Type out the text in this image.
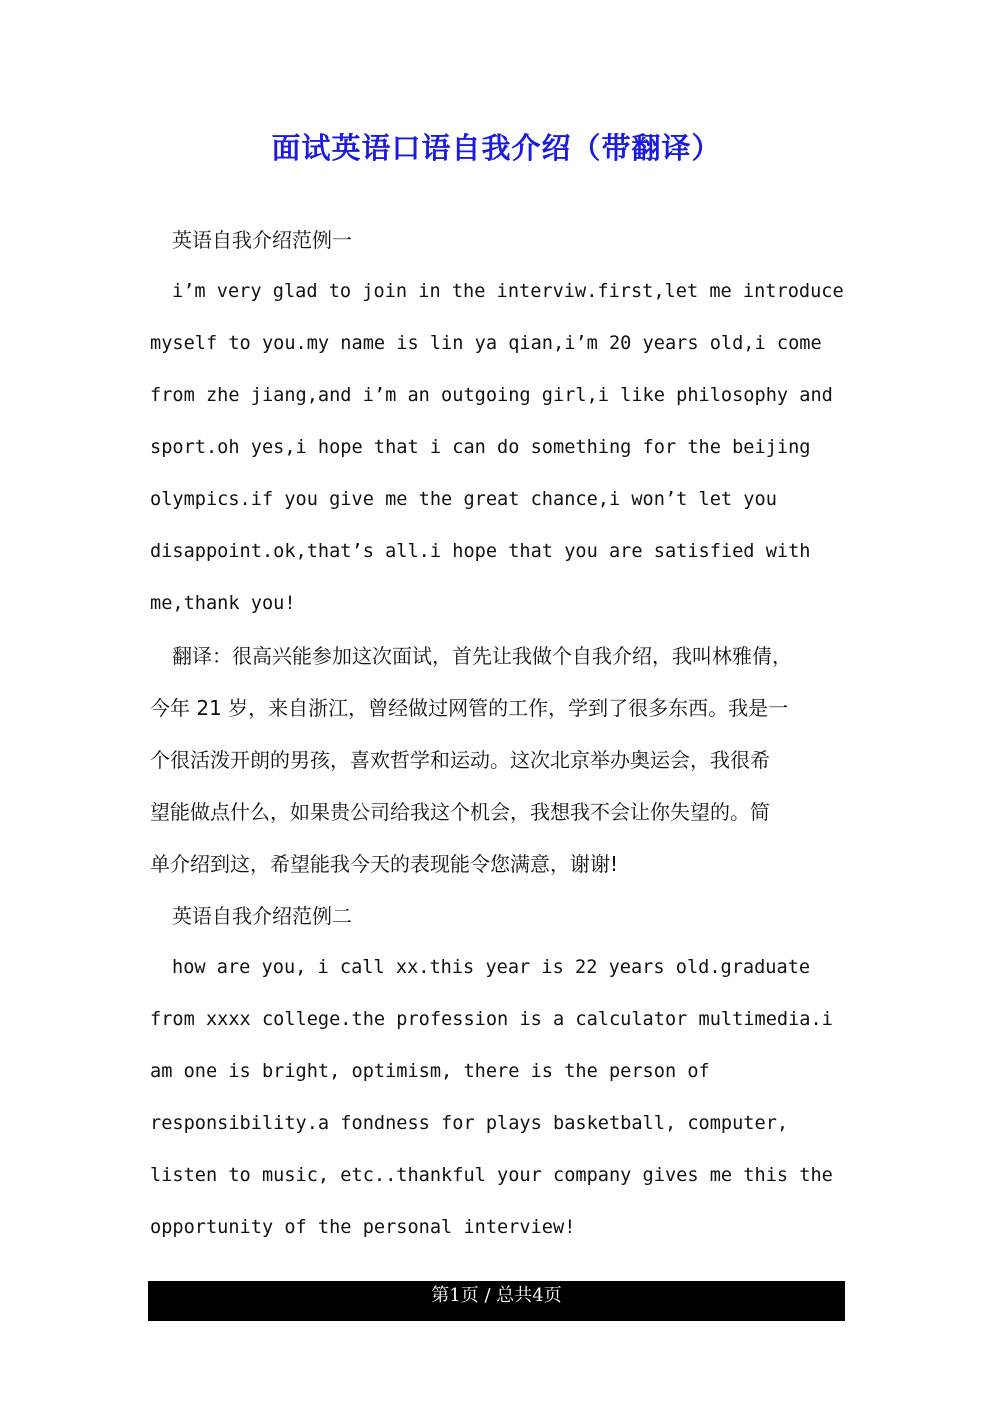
面试英语口语自我介绍（带翻译）
英语自我介绍范例一
i’m very glad to join in the interviw.first,let me introduce
myself to you.my name is lin ya qian,i’m 20 years old,i come
from zhe jiang,and i’m an outgoing girl,i like philosophy and
sport.oh yes,i hope that i can do something for the beijing
olympics.if you give me the great chance,i won’t let you
disappoint.ok,that’s all.i hope that you are satisfied with
me,thank you!
翻译：很高兴能参加这次面试，首先让我做个自我介绍，我叫林雅倩，
今年 21 岁，来自浙江，曾经做过网管的工作，学到了很多东西。我是一
个很活泼开朗的男孩，喜欢哲学和运动。这次北京举办奥运会，我很希
望能做点什么，如果贵公司给我这个机会，我想我不会让你失望的。简
单介绍到这，希望能我今天的表现能令您满意，谢谢!
英语自我介绍范例二
how are you, i call xx.this year is 22 years old.graduate
from xxxx college.the profession is a calculator multimedia.i
am one is bright, optimism, there is the person of
responsibility.a fondness for plays basketball, computer,
listen to music, etc..thankful your company gives me this the
opportunity of the personal interview!
第1页 / 总共4页
